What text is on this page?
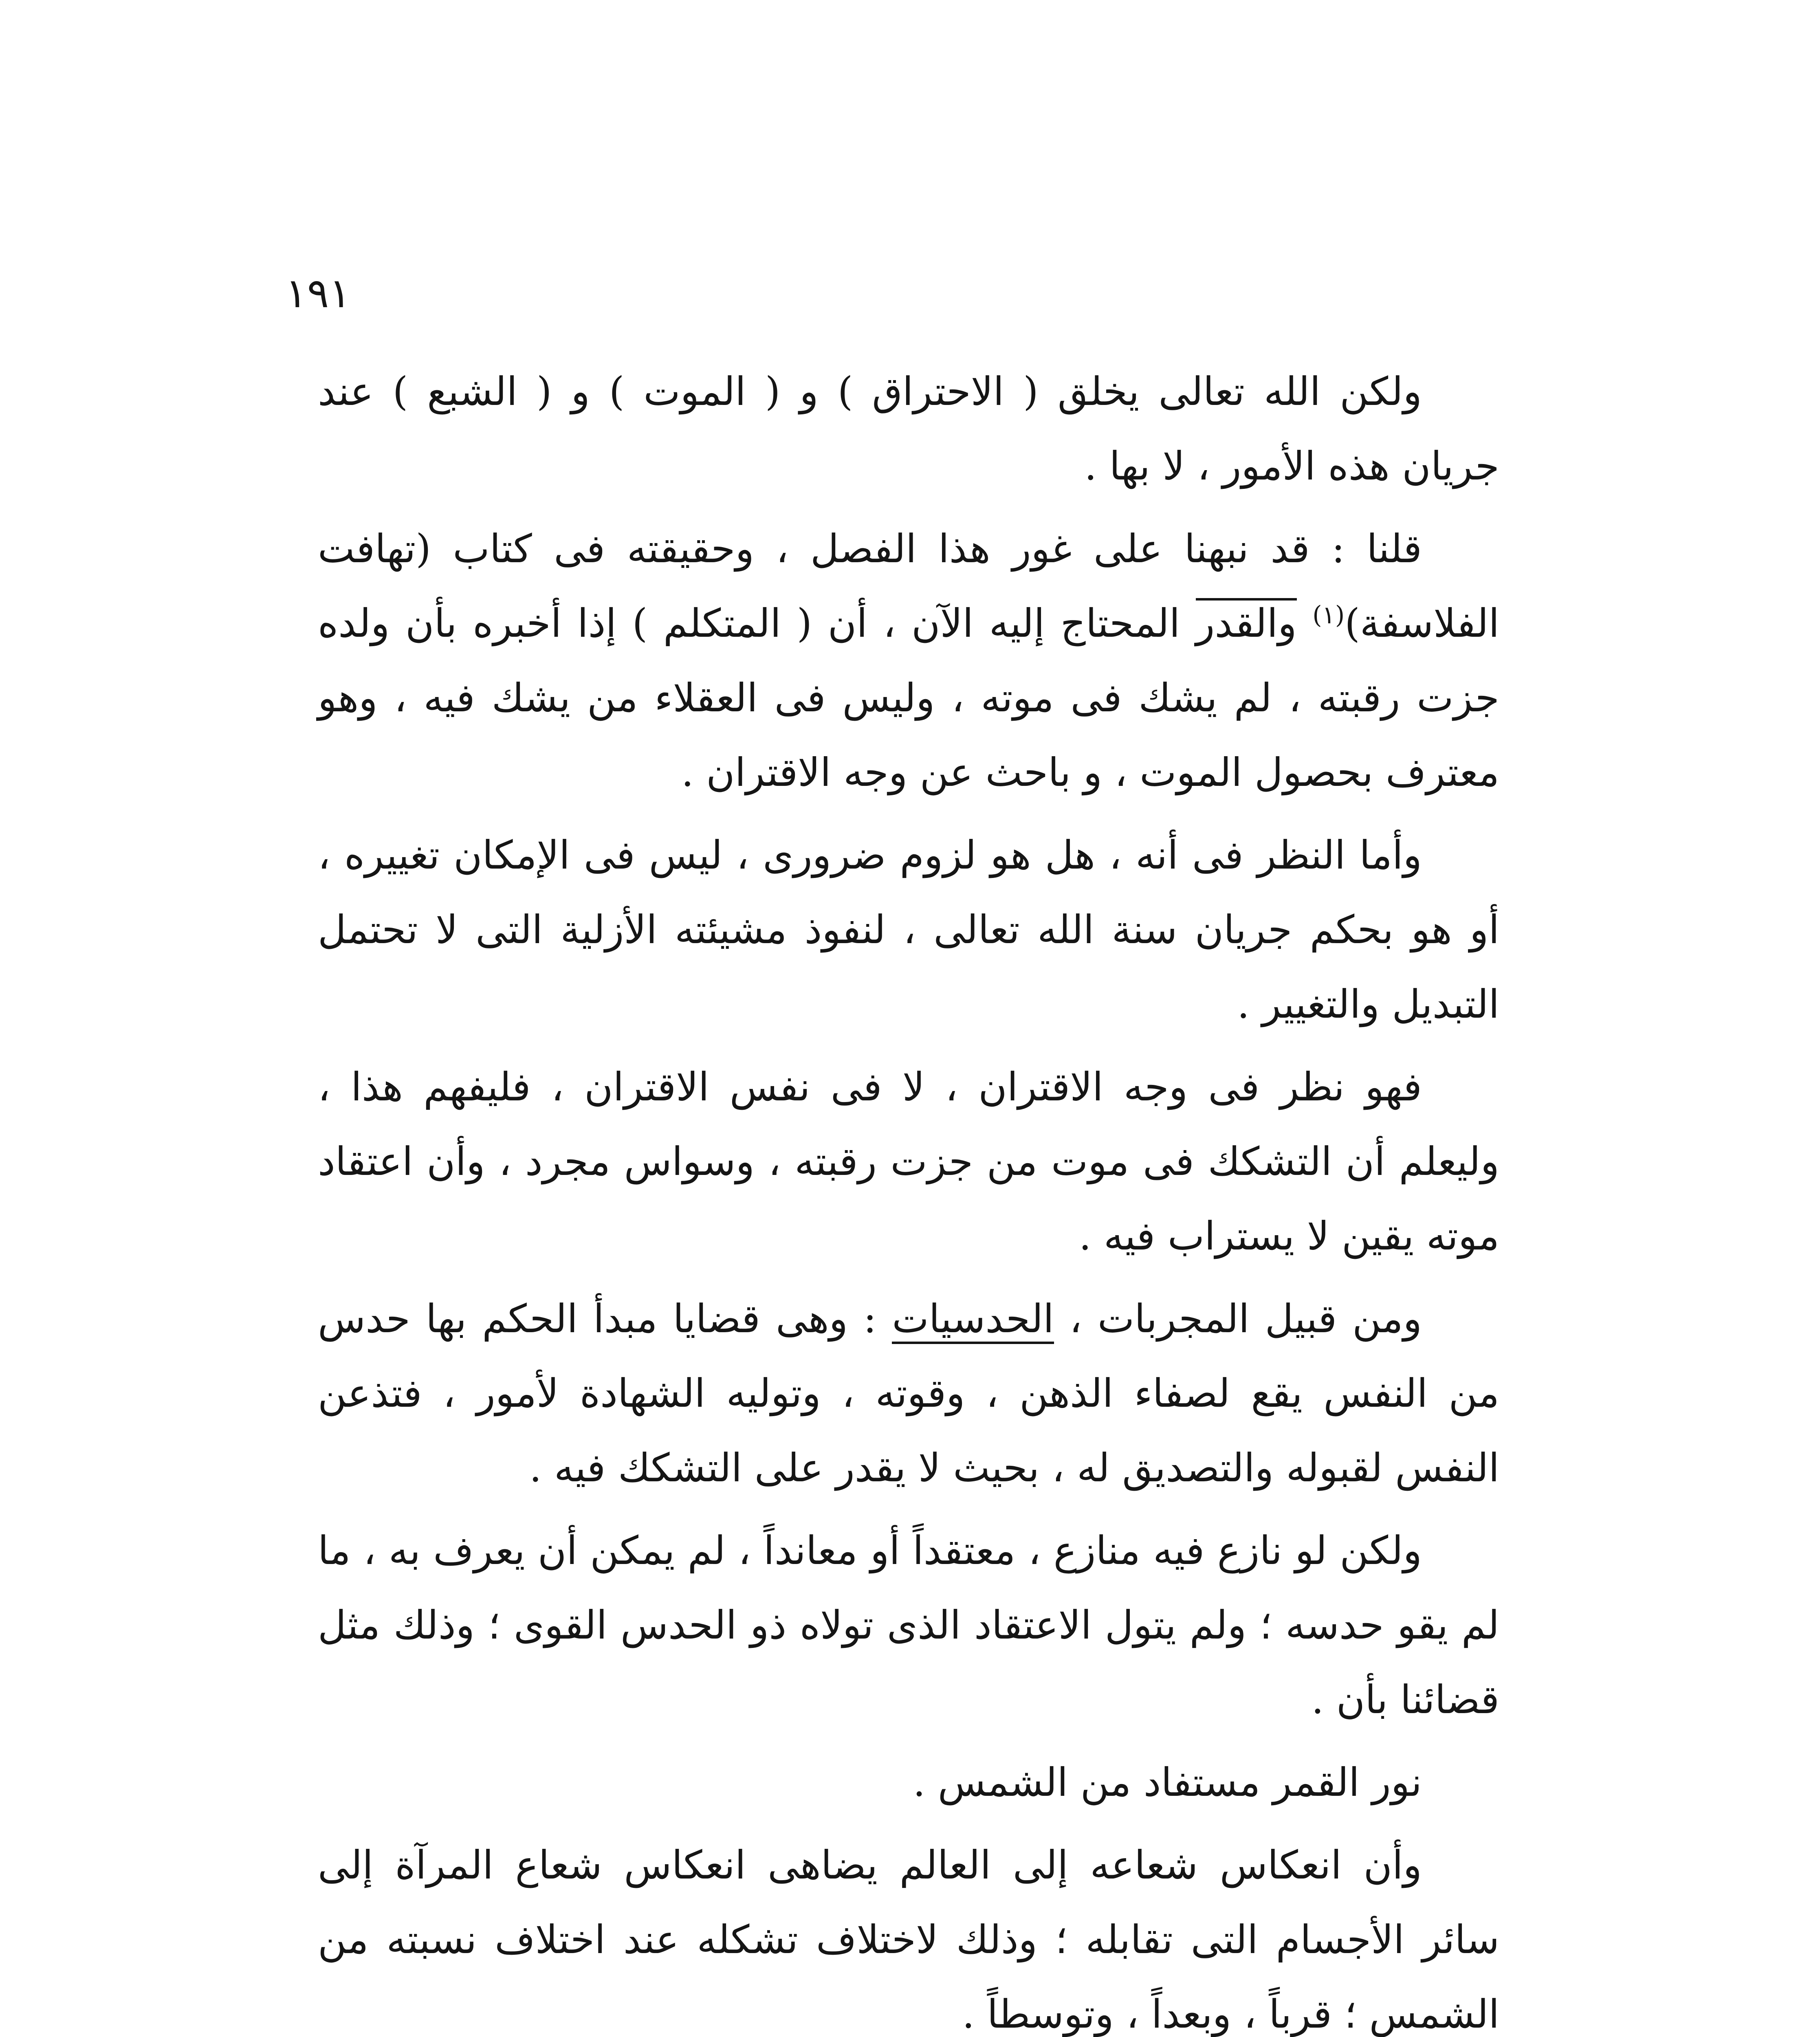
١٩١

ولكن الله تعالى يخلق ( الاحتراق ) و ( الموت ) و ( الشبع ) عند جريان هذه الأمور ، لا بها .

قلنا : قد نبهنا على غور هذا الفصل ، وحقيقته فى كتاب (تهافت الفلاسفة)$^{(١)}$ والقدر المحتاج إليه الآن ، أن ( المتكلم ) إذا أخبره بأن ولده جزت رقبته ، لم يشك فى موته ، وليس فى العقلاء من يشك فيه ، وهو معترف بحصول الموت ، و باحث عن وجه الاقتران .

وأما النظر فى أنه ، هل هو لزوم ضرورى ، ليس فى الإمكان تغييره ، أو هو بحكم جريان سنة الله تعالى ، لنفوذ مشيئته الأزلية التى لا تحتمل التبديل والتغيير .

فهو نظر فى وجه الاقتران ، لا فى نفس الاقتران ، فليفهم هذا ، وليعلم أن التشكك فى موت من جزت رقبته ، وسواس مجرد ، وأن اعتقاد موته يقين لا يستراب فيه .

ومن قبيل المجربات ، الحدسيات : وهى قضايا مبدأ الحكم بها حدس من النفس يقع لصفاء الذهن ، وقوته ، وتوليه الشهادة لأمور ، فتذعن النفس لقبوله والتصديق له ، بحيث لا يقدر على التشكك فيه .

ولكن لو نازع فيه منازع ، معتقداً أو معانداً ، لم يمكن أن يعرف به ، ما لم يقو حدسه ؛ ولم يتول الاعتقاد الذى تولاه ذو الحدس القوى ؛ وذلك مثل قضائنا بأن .

نور القمر مستفاد من الشمس .

وأن انعكاس شعاعه إلى العالم يضاهى انعكاس شعاع المرآة إلى سائر الأجسام التى تقابله ؛ وذلك لاختلاف تشكله عند اختلاف نسبته من الشمس ؛ قرباً ، وبعداً ، وتوسطاً .
